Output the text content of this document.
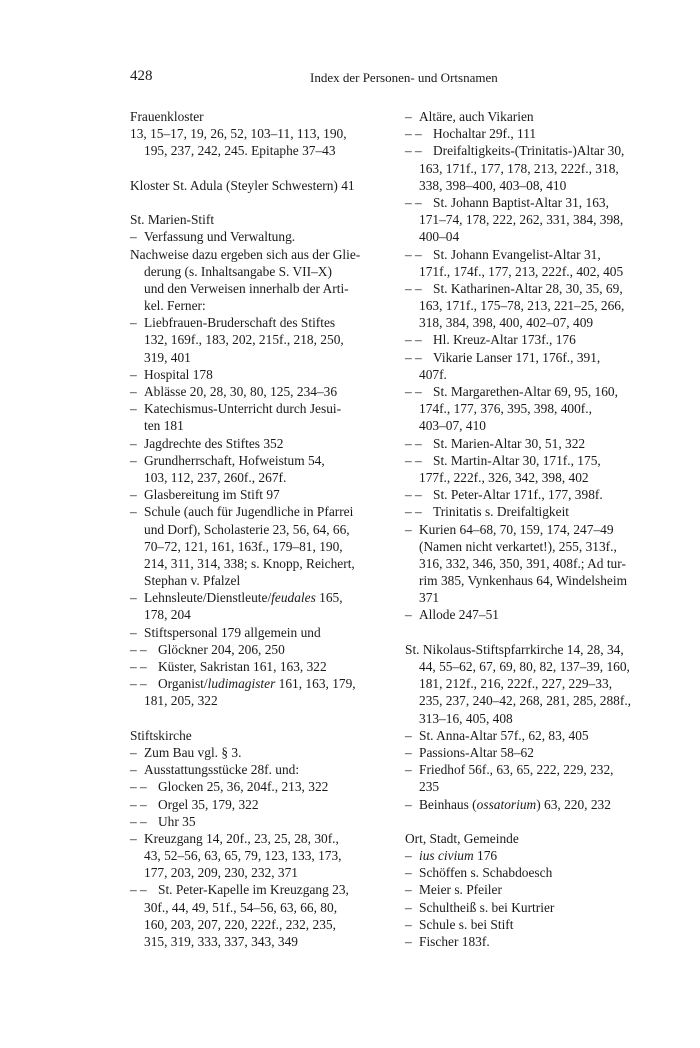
428	Index der Personen- und Ortsnamen
Frauenkloster
13, 15–17, 19, 26, 52, 103–11, 113, 190,
195, 237, 242, 245. Epitaphe 37–43
Kloster St. Adula (Steyler Schwestern) 41
St. Marien-Stift
–Verfassung und Verwaltung.
Nachweise dazu ergeben sich aus der Glie-
derung (s. Inhaltsangabe S. VII–X)
und den Verweisen innerhalb der Arti-
kel. Ferner:
–Liebfrauen-Bruderschaft des Stiftes
132, 169f., 183, 202, 215f., 218, 250,
319, 401
–Hospital 178
–Ablässe 20, 28, 30, 80, 125, 234–36
–Katechismus-Unterricht durch Jesui-
ten 181
–Jagdrechte des Stiftes 352
–Grundherrschaft, Hofweistum 54,
103, 112, 237, 260f., 267f.
–Glasbereitung im Stift 97
–Schule (auch für Jugendliche in Pfarrei
und Dorf), Scholasterie 23, 56, 64, 66,
70–72, 121, 161, 163f., 179–81, 190,
214, 311, 314, 338; s. Knopp, Reichert,
Stephan v. Pfalzel
–Lehnsleute/Dienstleute/feudales 165,
178, 204
–Stiftspersonal 179 allgemein und
– –Glöckner 204, 206, 250
– –Küster, Sakristan 161, 163, 322
– –Organist/ludimagister 161, 163, 179,
181, 205, 322
Stiftskirche
–Zum Bau vgl. § 3.
–Ausstattungsstücke 28f. und:
– –Glocken 25, 36, 204f., 213, 322
– –Orgel 35, 179, 322
– –Uhr 35
–Kreuzgang 14, 20f., 23, 25, 28, 30f.,
43, 52–56, 63, 65, 79, 123, 133, 173,
177, 203, 209, 230, 232, 371
– –St. Peter-Kapelle im Kreuzgang 23,
30f., 44, 49, 51f., 54–56, 63, 66, 80,
160, 203, 207, 220, 222f., 232, 235,
315, 319, 333, 337, 343, 349
–Altäre, auch Vikarien
– –Hochaltar 29f., 111
– –Dreifaltigkeits-(Trinitatis-)Altar 30,
163, 171f., 177, 178, 213, 222f., 318,
338, 398–400, 403–08, 410
– –St. Johann Baptist-Altar 31, 163,
171–74, 178, 222, 262, 331, 384, 398,
400–04
– –St. Johann Evangelist-Altar 31,
171f., 174f., 177, 213, 222f., 402, 405
– –St. Katharinen-Altar 28, 30, 35, 69,
163, 171f., 175–78, 213, 221–25, 266,
318, 384, 398, 400, 402–07, 409
– –Hl. Kreuz-Altar 173f., 176
– –Vikarie Lanser 171, 176f., 391,
407f.
– –St. Margarethen-Altar 69, 95, 160,
174f., 177, 376, 395, 398, 400f.,
403–07, 410
– –St. Marien-Altar 30, 51, 322
– –St. Martin-Altar 30, 171f., 175,
177f., 222f., 326, 342, 398, 402
– –St. Peter-Altar 171f., 177, 398f.
– –Trinitatis s. Dreifaltigkeit
–Kurien 64–68, 70, 159, 174, 247–49
(Namen nicht verkartet!), 255, 313f.,
316, 332, 346, 350, 391, 408f.; Ad tur-
rim 385, Vynkenhaus 64, Windelsheim
371
–Allode 247–51
St. Nikolaus-Stiftspfarrkirche 14, 28, 34,
44, 55–62, 67, 69, 80, 82, 137–39, 160,
181, 212f., 216, 222f., 227, 229–33,
235, 237, 240–42, 268, 281, 285, 288f.,
313–16, 405, 408
–St. Anna-Altar 57f., 62, 83, 405
–Passions-Altar 58–62
–Friedhof 56f., 63, 65, 222, 229, 232,
235
–Beinhaus (ossatorium) 63, 220, 232
Ort, Stadt, Gemeinde
–ius civium 176
–Schöffen s. Schabdoesch
–Meier s. Pfeiler
–Schultheiß s. bei Kurtrier
–Schule s. bei Stift
–Fischer 183f.
